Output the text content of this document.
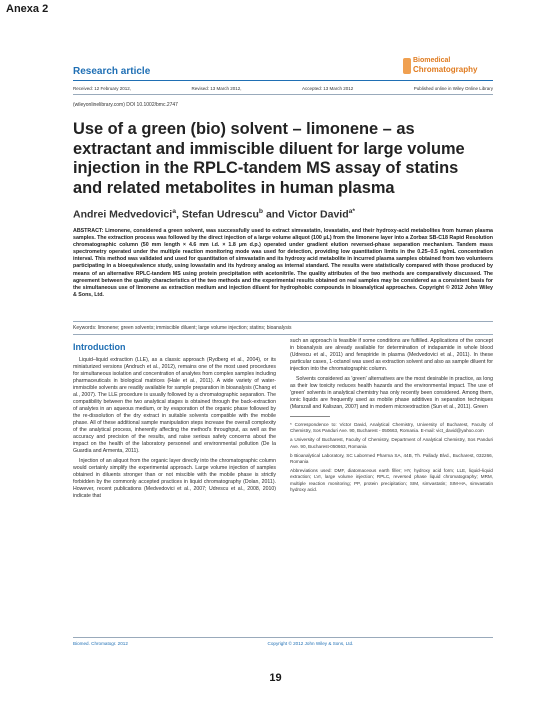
Anexa 2
Biomedical
Chromatography
Research article
Received: 12 February 2012,	Revised: 13 March 2012,	Accepted: 13 March 2012	Published online in Wiley Online Library
(wileyonlinelibrary.com) DOI 10.1002/bmc.2747
Use of a green (bio) solvent – limonene – as extractant and immiscible diluent for large volume injection in the RPLC-tandem MS assay of statins and related metabolites in human plasma
Andrei Medvedovici$^a$, Stefan Udrescu$^b$ and Victor David$^{a*}$
ABSTRACT: Limonene, considered a green solvent, was successfully used to extract simvastatin, lovastatin, and their hydroxy-acid metabolites from human plasma samples. The extraction process was followed by the direct injection of a large volume aliquot (100 μL) from the limonene layer into a Zorbax SB-C18 Rapid Resolution chromatographic column (50 mm length × 4.6 mm i.d. × 1.8 μm d.p.) operated under gradient elution reversed-phase separation mechanism. Tandem mass spectrometry operated under the multiple reaction monitoring mode was used for detection, providing low quantitation limits in the 0.25–0.5 ng/mL concentration interval. This method was validated and used for quantitation of simvastatin and its hydroxy acid metabolite in incurred plasma samples obtained from two volunteers participating in a bioequivalence study, using lovastatin and its hydroxy analog as internal standard. The results were statistically compared with those produced by means of an alternative RPLC-tandem MS using protein precipitation with acetonitrile. The quality attributes of the two methods are comparatively discussed. The agreement between the quality characteristics of the two methods and the experimental results obtained on real samples may be considered as a consistent basis for the simultaneous use of limonene as extraction medium and injection diluent for hydrophobic compounds in bioanalytical approaches. Copyright © 2012 John Wiley & Sons, Ltd.
Keywords: limonene; green solvents; immiscible diluent; large volume injection; statins; bioanalysis
Introduction

Liquid–liquid extraction (LLE), as a classic approach (Rydberg et al., 2004), or its miniaturized versions (Andruch et al., 2012), remains one of the most used procedures for simultaneous isolation and concentration of analytes from complex samples including pharmaceuticals in biological matrices (Hale et al., 2011). A wide variety of water-immiscible solvents are readily available for sample preparation in bioanalysis (Chang et al., 2007). The LLE procedure is usually followed by a chromatographic separation. The compatibility between the two analytical stages is obtained through the back-extraction of analytes in an aqueous medium, or by evaporation of the organic phase followed by the re-dissolution of the dry extract in suitable solvents compatible with the mobile phase. All of these additional sample manipulation steps increase the overall complexity of the analytical process, inherently affecting the method's throughput, as well as the accuracy and precision of the results, and raise serious safety concerns about the impact on the health of the laboratory personnel and environmental pollution (De la Guardia and Armenta, 2011).

Injection of an aliquot from the organic layer directly into the chromatographic column would certainly simplify the experimental approach. Large volume injection of samples obtained in diluents stronger than or not miscible with the mobile phase is strictly forbidden by the commonly accepted practices in liquid chromatography (Dolan, 2011). However, recent publications (Medvedovici et al., 2007; Udrescu et al., 2008, 2010) indicate that

such an approach is feasible if some conditions are fulfilled. Applications of the concept in bioanalysis are already available for determination of indapamide in whole blood (Udrescu et al., 2011) and fenspiride in plasma (Medvedovici et al., 2011). In these particular cases, 1-octanol was used as extraction solvent and also as sample diluent for injection into the chromatographic column.

Solvents considered as 'green' alternatives are the most desirable in practice, as long as their low toxicity reduces health hazards and the environmental impact. The use of 'green' solvents in analytical chemistry has only recently been considered. Among them, ionic liquids are frequently used as mobile phase additives in separation techniques (Marszall and Kaliszan, 2007) and in modern microextraction (Sun et al., 2011). Green

* Correspondence to: Victor David, Analytical Chemistry, University of Bucharest, Faculty of Chemistry, Sos Panduri Ave. 90, Bucharest - 050663, Romania. E-mail: vict_david@yahoo.com
a University of Bucharest, Faculty of Chemistry, Department of Analytical Chemistry, Sos Panduri Ave. 90, Bucharest-050663, Romania
b Bioanalytical Laboratory, SC Labormed Pharma SA, 44B, Th. Pallady Blvd., Bucharest, 032266, Romania
Abbreviations used: DMF, diatomaceous earth filler; HY, hydroxy acid form; LLE, liquid–liquid extraction; LVI, large volume injection; RPLC, reversed phase liquid chromatography; MRM, multiple reaction monitoring; PP, protein precipitation; SIM, simvastatin; SIM-HA, simvastatin hydroxy acid.
Biomed. Chromatogr. 2012	Copyright © 2012 John Wiley & Sons, Ltd.
19
